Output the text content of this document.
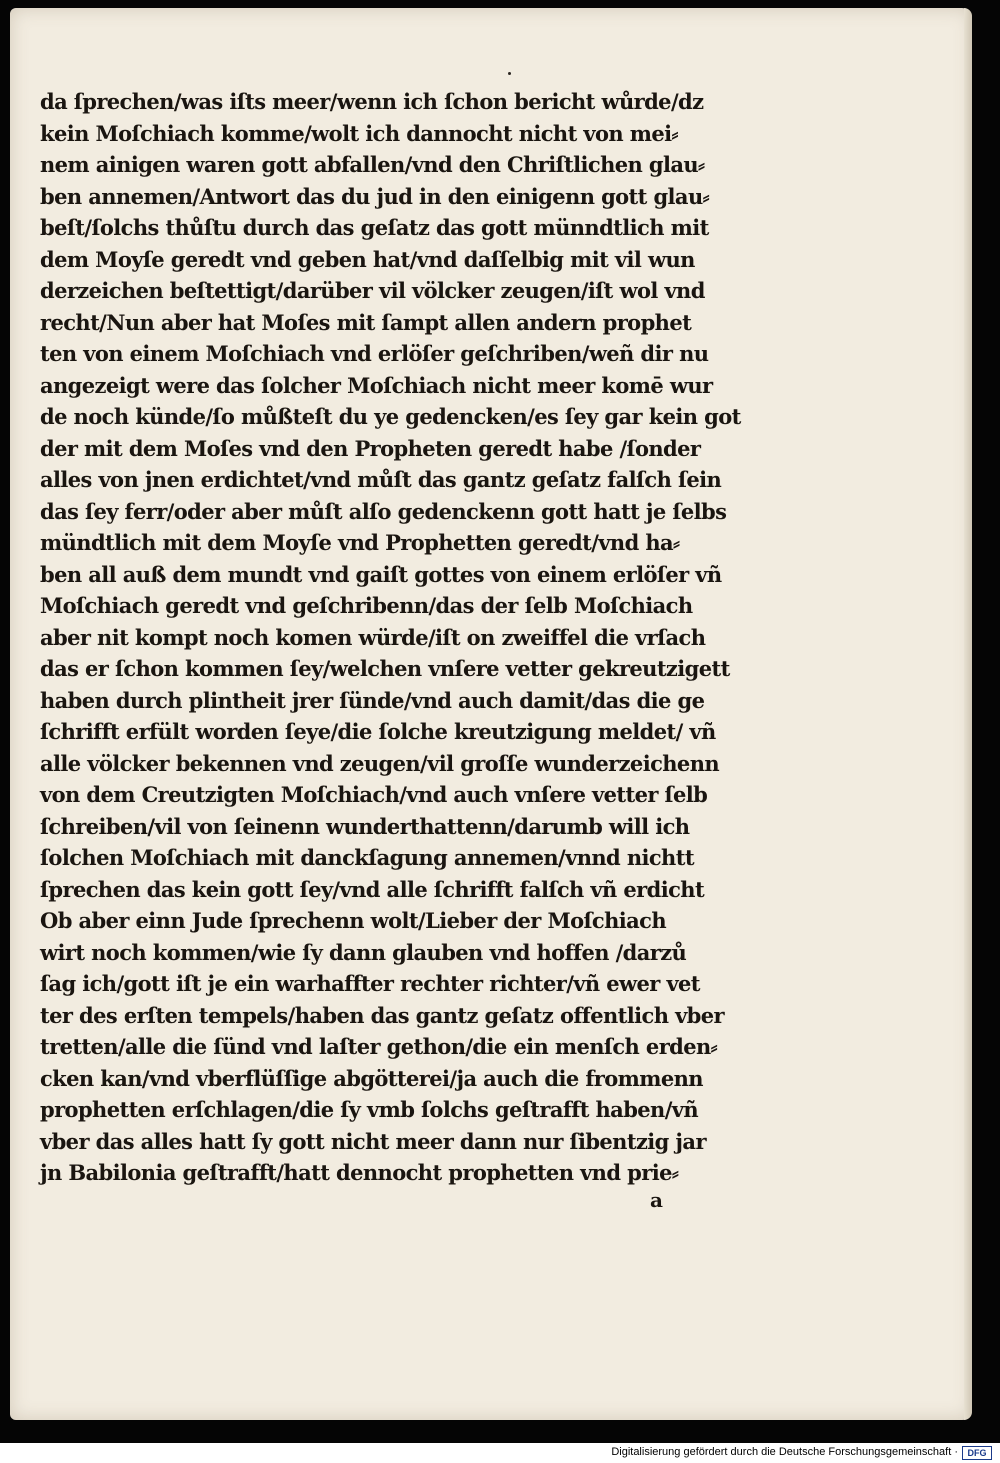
da ſprechen/was iſts meer/wenn ich ſchon bericht wůrde/dz
kein Moſchiach komme/wolt ich dannocht nicht von mei⸗
nem ainigen waren gott abfallen/vnd den Chriſtlichen glau⸗
ben annemen/Antwort das du jud in den einigenn gott glau⸗
beſt/ſolchs thůſtu durch das geſatz das gott münndtlich mit
dem Moyſe geredt vnd geben hat/vnd daſſelbig mit vil wun
derzeichen beſtettigt/darüber vil völcker zeugen/iſt wol vnd
recht/Nun aber hat Moſes mit ſampt allen andern prophet
ten von einem Moſchiach vnd erlöſer geſchriben/weñ dir nu
angezeigt were das ſolcher Moſchiach nicht meer komē wur
de noch künde/ſo můßteſt du ye gedencken/es ſey gar kein got
der mit dem Moſes vnd den Propheten geredt habe /ſonder
alles von jnen erdichtet/vnd můſt das gantz geſatz falſch ſein
das ſey ferr/oder aber můſt alſo gedenckenn gott hatt je ſelbs
mündtlich mit dem Moyſe vnd Prophetten geredt/vnd ha⸗
ben all auß dem mundt vnd gaiſt gottes von einem erlöſer vñ
Moſchiach geredt vnd geſchribenn/das der ſelb Moſchiach
aber nit kompt noch komen würde/iſt on zweiffel die vrſach
das er ſchon kommen ſey/welchen vnſere vetter gekreutzigett
haben durch plintheit jrer ſünde/vnd auch damit/das die ge
ſchrifft erfült worden ſeye/die ſolche kreutzigung meldet/ vñ
alle völcker bekennen vnd zeugen/vil groſſe wunderzeichenn
von dem Creutzigten Moſchiach/vnd auch vnſere vetter ſelb
ſchreiben/vil von ſeinenn wunderthattenn/darumb will ich
ſolchen Moſchiach mit danckſagung annemen/vnnd nichtt
ſprechen das kein gott ſey/vnd alle ſchrifft falſch vñ erdicht
Ob aber einn Jude ſprechenn wolt/Lieber der Moſchiach
wirt noch kommen/wie ſy dann glauben vnd hoffen /darzů
ſag ich/gott iſt je ein warhaffter rechter richter/vñ ewer vet
ter des erſten tempels/haben das gantz geſatz offentlich vber
tretten/alle die ſünd vnd laſter gethon/die ein menſch erden⸗
cken kan/vnd vberflüſſige abgötterei/ja auch die frommenn
prophetten erſchlagen/die ſy vmb ſolchs geſtrafft haben/vñ
vber das alles hatt ſy gott nicht meer dann nur ſibentzig jar
jn Babilonia geſtrafft/hatt dennocht prophetten vnd prie⸗
a
Digitalisierung gefördert durch die Deutsche Forschungsgemeinschaft ·	DFG
